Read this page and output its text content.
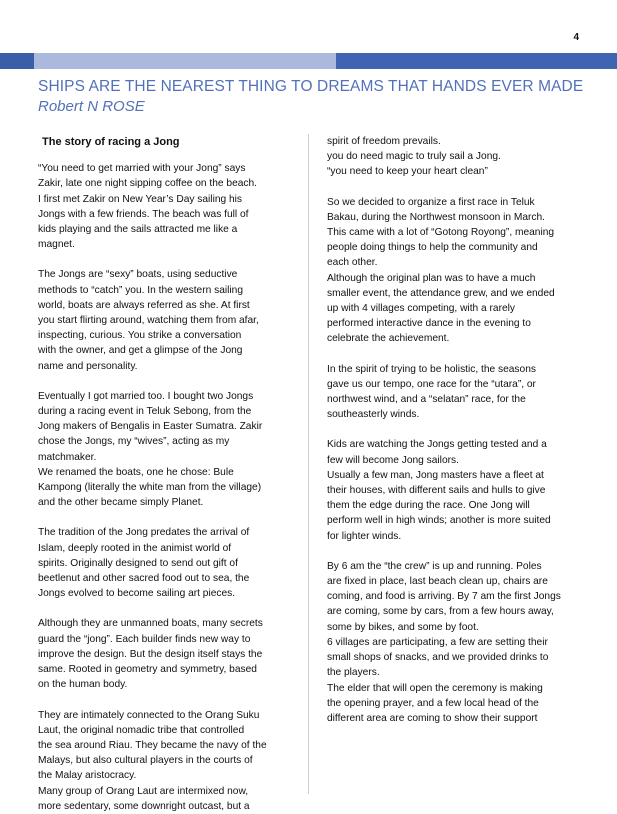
4
SHIPS ARE THE NEAREST THING TO DREAMS THAT HANDS EVER MADE
Robert N ROSE
The story of racing a Jong
“You need to get married with your Jong” says
Zakir, late one night sipping coffee on the beach.
I first met Zakir on New Year’s Day sailing his
Jongs with a few friends. The beach was full of
kids playing and the sails attracted me like a
magnet.
The Jongs are “sexy” boats, using seductive
methods to “catch” you. In the western sailing
world, boats are always referred as she. At first
you start flirting around, watching them from afar,
inspecting, curious. You strike a conversation
with the owner, and get a glimpse of the Jong
name and personality.
Eventually I got married too. I bought two Jongs
during a racing event in Teluk Sebong, from the
Jong makers of Bengalis in Easter Sumatra. Zakir
chose the Jongs, my “wives”, acting as my
matchmaker.
We renamed the boats, one he chose: Bule
Kampong (literally the white man from the village)
and the other became simply Planet.
The tradition of the Jong predates the arrival of
Islam, deeply rooted in the animist world of
spirits. Originally designed to send out gift of
beetlenut and other sacred food out to sea, the
Jongs evolved to become sailing art pieces.
Although they are unmanned boats, many secrets
guard the “jong”. Each builder finds new way to
improve the design. But the design itself stays the
same. Rooted in geometry and symmetry, based
on the human body.
They are intimately connected to the Orang Suku
Laut, the original nomadic tribe that controlled
the sea around Riau. They became the navy of the
Malays, but also cultural players in the courts of
the Malay aristocracy.
Many group of Orang Laut are intermixed now,
more sedentary, some downright outcast, but a
spirit of freedom prevails.
you do need magic to truly sail a Jong.
“you need to keep your heart clean”
So we decided to organize a first race in Teluk
Bakau, during the Northwest monsoon in March.
This came with a lot of “Gotong Royong”, meaning
people doing things to help the community and
each other.
Although the original plan was to have a much
smaller event, the attendance grew, and we ended
up with 4 villages competing, with a rarely
performed interactive dance in the evening to
celebrate the achievement.
In the spirit of trying to be holistic, the seasons
gave us our tempo, one race for the “utara”, or
northwest wind, and a “selatan” race, for the
southeasterly winds.
Kids are watching the Jongs getting tested and a
few will become Jong sailors.
Usually a few man, Jong masters have a fleet at
their houses, with different sails and hulls to give
them the edge during the race. One Jong will
perform well in high winds; another is more suited
for lighter winds.
By 6 am the “the crew” is up and running. Poles
are fixed in place, last beach clean up, chairs are
coming, and food is arriving. By 7 am the first Jongs
are coming, some by cars, from a few hours away,
some by bikes, and some by foot.
6 villages are participating, a few are setting their
small shops of snacks, and we provided drinks to
the players.
The elder that will open the ceremony is making
the opening prayer, and a few local head of the
different area are coming to show their support
